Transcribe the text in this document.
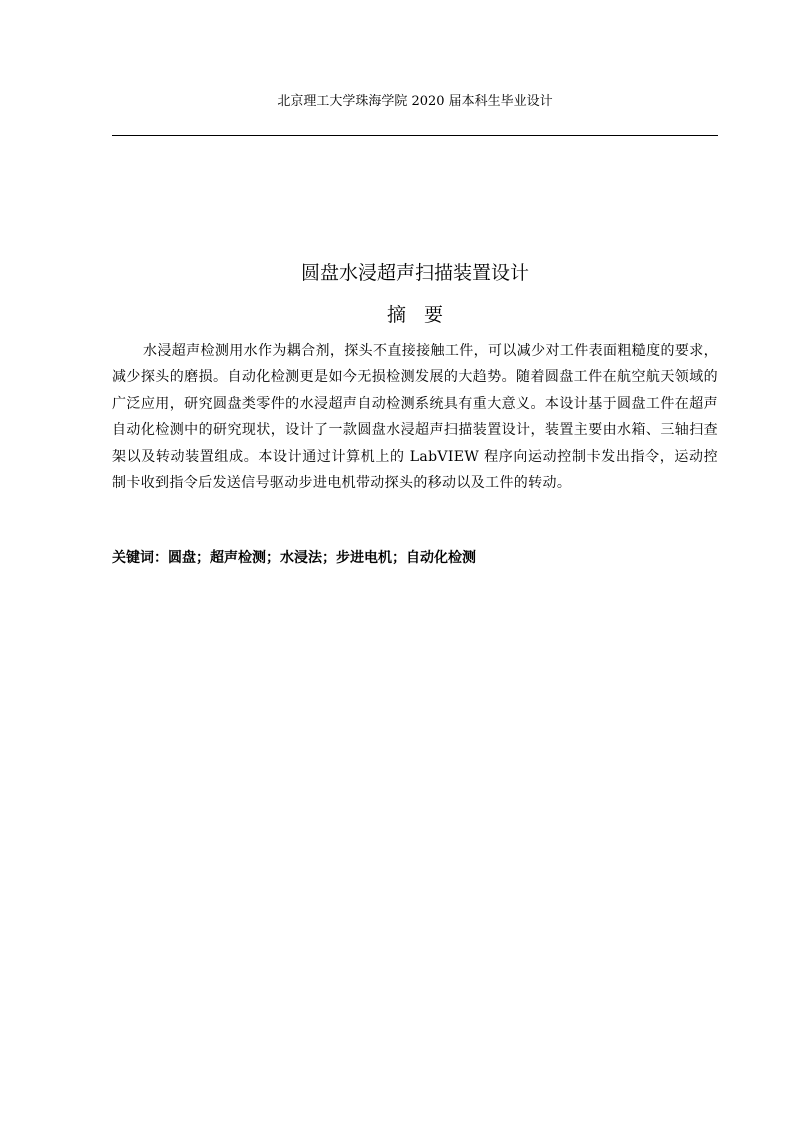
北京理工大学珠海学院 2020 届本科生毕业设计
圆盘水浸超声扫描装置设计
摘要

水浸超声检测用水作为耦合剂，探头不直接接触工件，可以减少对工件表面粗糙度的要求，减少探头的磨损。自动化检测更是如今无损检测发展的大趋势。随着圆盘工件在航空航天领域的广泛应用，研究圆盘类零件的水浸超声自动检测系统具有重大意义。本设计基于圆盘工件在超声自动化检测中的研究现状，设计了一款圆盘水浸超声扫描装置设计，装置主要由水箱、三轴扫查架以及转动装置组成。本设计通过计算机上的 LabVIEW 程序向运动控制卡发出指令，运动控制卡收到指令后发送信号驱动步进电机带动探头的移动以及工件的转动。

关键词：圆盘；超声检测；水浸法；步进电机；自动化检测
